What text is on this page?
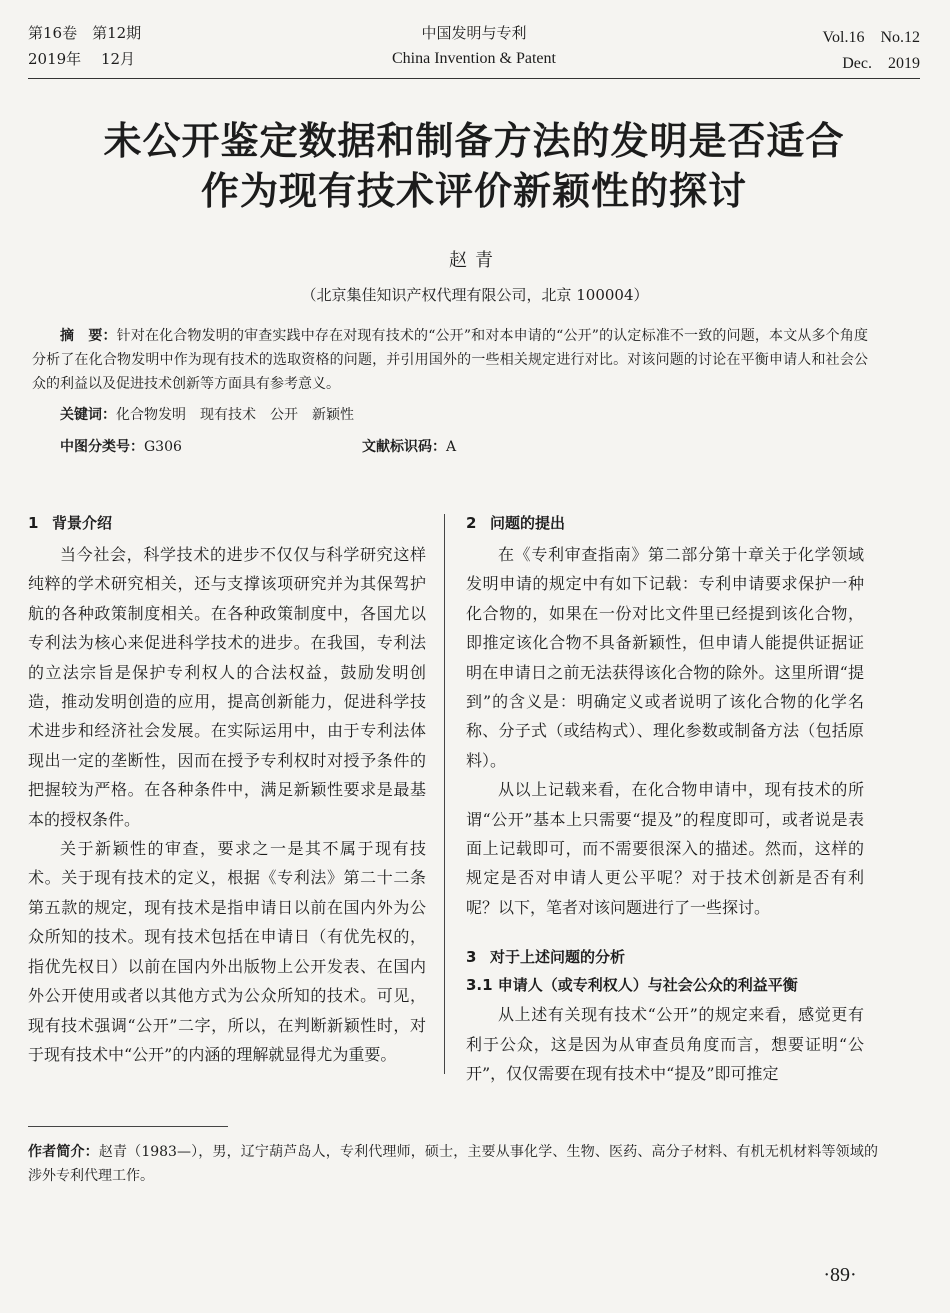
第16卷　第12期
2019年　 12月
中国发明与专利
China Invention & Patent
Vol.16　No.12
Dec.　2019
未公开鉴定数据和制备方法的发明是否适合
作为现有技术评价新颖性的探讨
赵青
（北京集佳知识产权代理有限公司，北京 100004）
摘　要：针对在化合物发明的审查实践中存在对现有技术的“公开”和对本申请的“公开”的认定标准不一致的问题，本文从多个角度分析了在化合物发明中作为现有技术的选取资格的问题，并引用国外的一些相关规定进行对比。对该问题的讨论在平衡申请人和社会公众的利益以及促进技术创新等方面具有参考意义。
关键词：化合物发明　现有技术　公开　新颖性
中图分类号：G306	文献标识码：A
1 背景介绍

当今社会，科学技术的进步不仅仅与科学研究这样纯粹的学术研究相关，还与支撑该项研究并为其保驾护航的各种政策制度相关。在各种政策制度中，各国尤以专利法为核心来促进科学技术的进步。在我国，专利法的立法宗旨是保护专利权人的合法权益，鼓励发明创造，推动发明创造的应用，提高创新能力，促进科学技术进步和经济社会发展。在实际运用中，由于专利法体现出一定的垄断性，因而在授予专利权时对授予条件的把握较为严格。在各种条件中，满足新颖性要求是最基本的授权条件。

关于新颖性的审查，要求之一是其不属于现有技术。关于现有技术的定义，根据《专利法》第二十二条第五款的规定，现有技术是指申请日以前在国内外为公众所知的技术。现有技术包括在申请日（有优先权的，指优先权日）以前在国内外出版物上公开发表、在国内外公开使用或者以其他方式为公众所知的技术。可见，现有技术强调“公开”二字，所以，在判断新颖性时，对于现有技术中“公开”的内涵的理解就显得尤为重要。

2 问题的提出

在《专利审查指南》第二部分第十章关于化学领域发明申请的规定中有如下记载：专利申请要求保护一种化合物的，如果在一份对比文件里已经提到该化合物，即推定该化合物不具备新颖性，但申请人能提供证据证明在申请日之前无法获得该化合物的除外。这里所谓“提到”的含义是：明确定义或者说明了该化合物的化学名称、分子式（或结构式）、理化参数或制备方法（包括原料）。

从以上记载来看，在化合物申请中，现有技术的所谓“公开”基本上只需要“提及”的程度即可，或者说是表面上记载即可，而不需要很深入的描述。然而，这样的规定是否对申请人更公平呢？对于技术创新是否有利呢？以下，笔者对该问题进行了一些探讨。

3 对于上述问题的分析
3.1 申请人（或专利权人）与社会公众的利益平衡

从上述有关现有技术“公开”的规定来看，感觉更有利于公众，这是因为从审查员角度而言，想要证明“公开”，仅仅需要在现有技术中“提及”即可推定

作者简介：赵青（1983—），男，辽宁葫芦岛人，专利代理师，硕士，主要从事化学、生物、医药、高分子材料、有机无机材料等领域的涉外专利代理工作。
·89·
